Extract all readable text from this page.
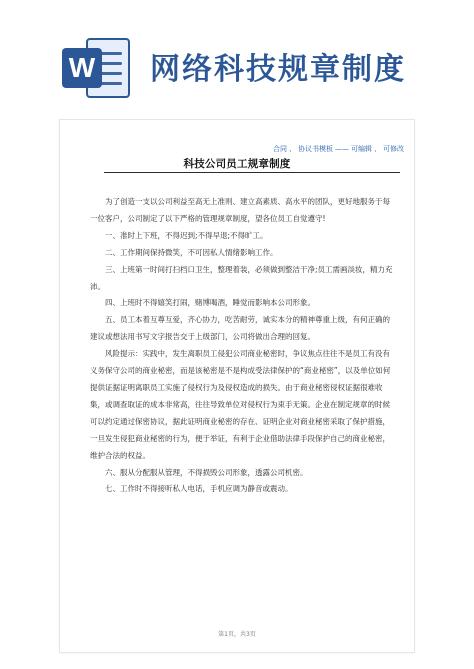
W 网络科技规章制度
合同 、 协议书模板 —— 可编辑 、 可修改
科技公司员工规章制度

为了创造一支以公司利益至高无上准则、建立高素质、高水平的团队，更好地服务于每一位客户，公司制定了以下严格的管理规章制度，望各位员工自觉遵守!

一、准时上下班，不得迟到;不得早退;不得旷工。

二、工作期间保持微笑，不可因私人情绪影响工作。

三、上班第一时间打扫档口卫生，整理着装，必须做到整洁干净;员工需画淡妆，精力充沛。

四、上班时不得嬉笑打闹，赌博喝酒，睡觉而影响本公司形象。

五、员工本着互尊互爱，齐心协力，吃苦耐劳，诚实本分的精神尊重上级，有何正确的建议或想法用书写文字报告交于上级部门，公司将做出合理的回复。

风险提示：实践中，发生离职员工侵犯公司商业秘密时，争议焦点往往不是员工有没有义务保守公司的商业秘密，而是该秘密是不是构成受法律保护的“商业秘密”，以及单位如何提供证据证明离职员工实施了侵权行为及侵权造成的损失。由于商业秘密侵权证据很难收集，或调查取证的成本非常高，往往导致单位对侵权行为束手无策。企业在制定规章的时候可以约定通过保密协议，据此证明商业秘密的存在、证明企业对商业秘密采取了保护措施，一旦发生侵犯商业秘密的行为，便于举证，有利于企业借助法律手段保护自己的商业秘密，维护合法的权益。

六、服从分配服从管理，不得损毁公司形象，透露公司机密。

七、工作时不得接听私人电话，手机应调为静音或震动。

第1页，共3页
